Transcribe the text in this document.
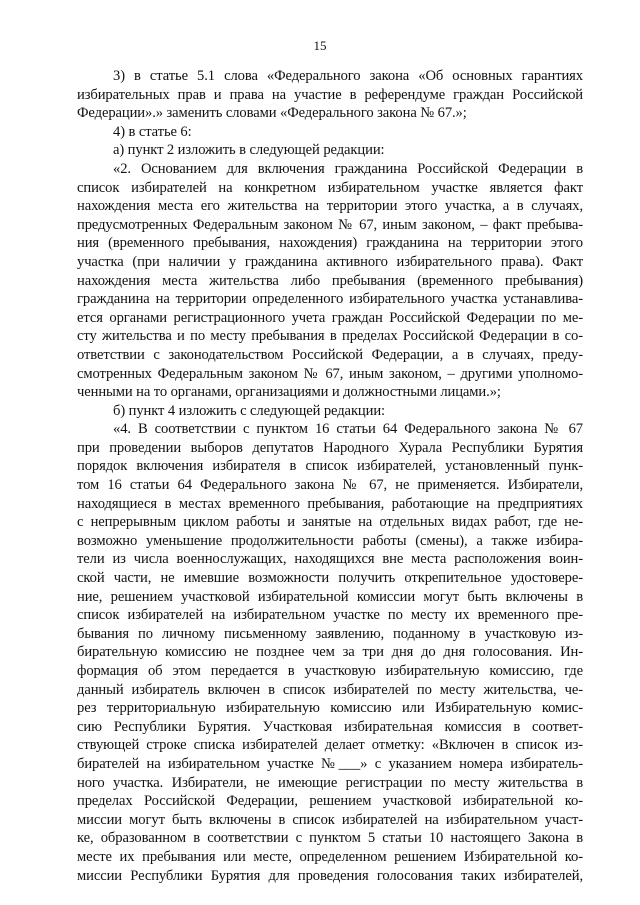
15
3) в статье 5.1 слова «Федерального закона «Об основных гарантиях
избирательных прав и права на участие в референдуме граждан Российской
Федерации».» заменить словами «Федерального закона № 67.»;
4) в статье 6:
а) пункт 2 изложить в следующей редакции:
«2. Основанием для включения гражданина Российской Федерации в
список избирателей на конкретном избирательном участке является факт
нахождения места его жительства на территории этого участка, а в случаях,
предусмотренных Федеральным законом № 67, иным законом, – факт пребыва-
ния (временного пребывания, нахождения) гражданина на территории этого
участка (при наличии у гражданина активного избирательного права). Факт
нахождения места жительства либо пребывания (временного пребывания)
гражданина на территории определенного избирательного участка устанавлива-
ется органами регистрационного учета граждан Российской Федерации по ме-
сту жительства и по месту пребывания в пределах Российской Федерации в со-
ответствии с законодательством Российской Федерации, а в случаях, преду-
смотренных Федеральным законом № 67, иным законом, – другими уполномо-
ченными на то органами, организациями и должностными лицами.»;
б) пункт 4 изложить с следующей редакции:
«4. В соответствии с пунктом 16 статьи 64 Федерального закона № 67
при проведении выборов депутатов Народного Хурала Республики Бурятия
порядок включения избирателя в список избирателей, установленный пунк-
том 16 статьи 64 Федерального закона № 67, не применяется. Избиратели,
находящиеся в местах временного пребывания, работающие на предприятиях
с непрерывным циклом работы и занятые на отдельных видах работ, где не-
возможно уменьшение продолжительности работы (смены), а также избира-
тели из числа военнослужащих, находящихся вне места расположения воин-
ской части, не имевшие возможности получить открепительное удостовере-
ние, решением участковой избирательной комиссии могут быть включены в
список избирателей на избирательном участке по месту их временного пре-
бывания по личному письменному заявлению, поданному в участковую из-
бирательную комиссию не позднее чем за три дня до дня голосования. Ин-
формация об этом передается в участковую избирательную комиссию, где
данный избиратель включен в список избирателей по месту жительства, че-
рез территориальную избирательную комиссию или Избирательную комис-
сию Республики Бурятия. Участковая избирательная комиссия в соответ-
ствующей строке списка избирателей делает отметку: «Включен в список из-
бирателей на избирательном участке №___» с указанием номера избиратель-
ного участка. Избиратели, не имеющие регистрации по месту жительства в
пределах Российской Федерации, решением участковой избирательной ко-
миссии могут быть включены в список избирателей на избирательном участ-
ке, образованном в соответствии с пунктом 5 статьи 10 настоящего Закона в
месте их пребывания или месте, определенном решением Избирательной ко-
миссии Республики Бурятия для проведения голосования таких избирателей,
